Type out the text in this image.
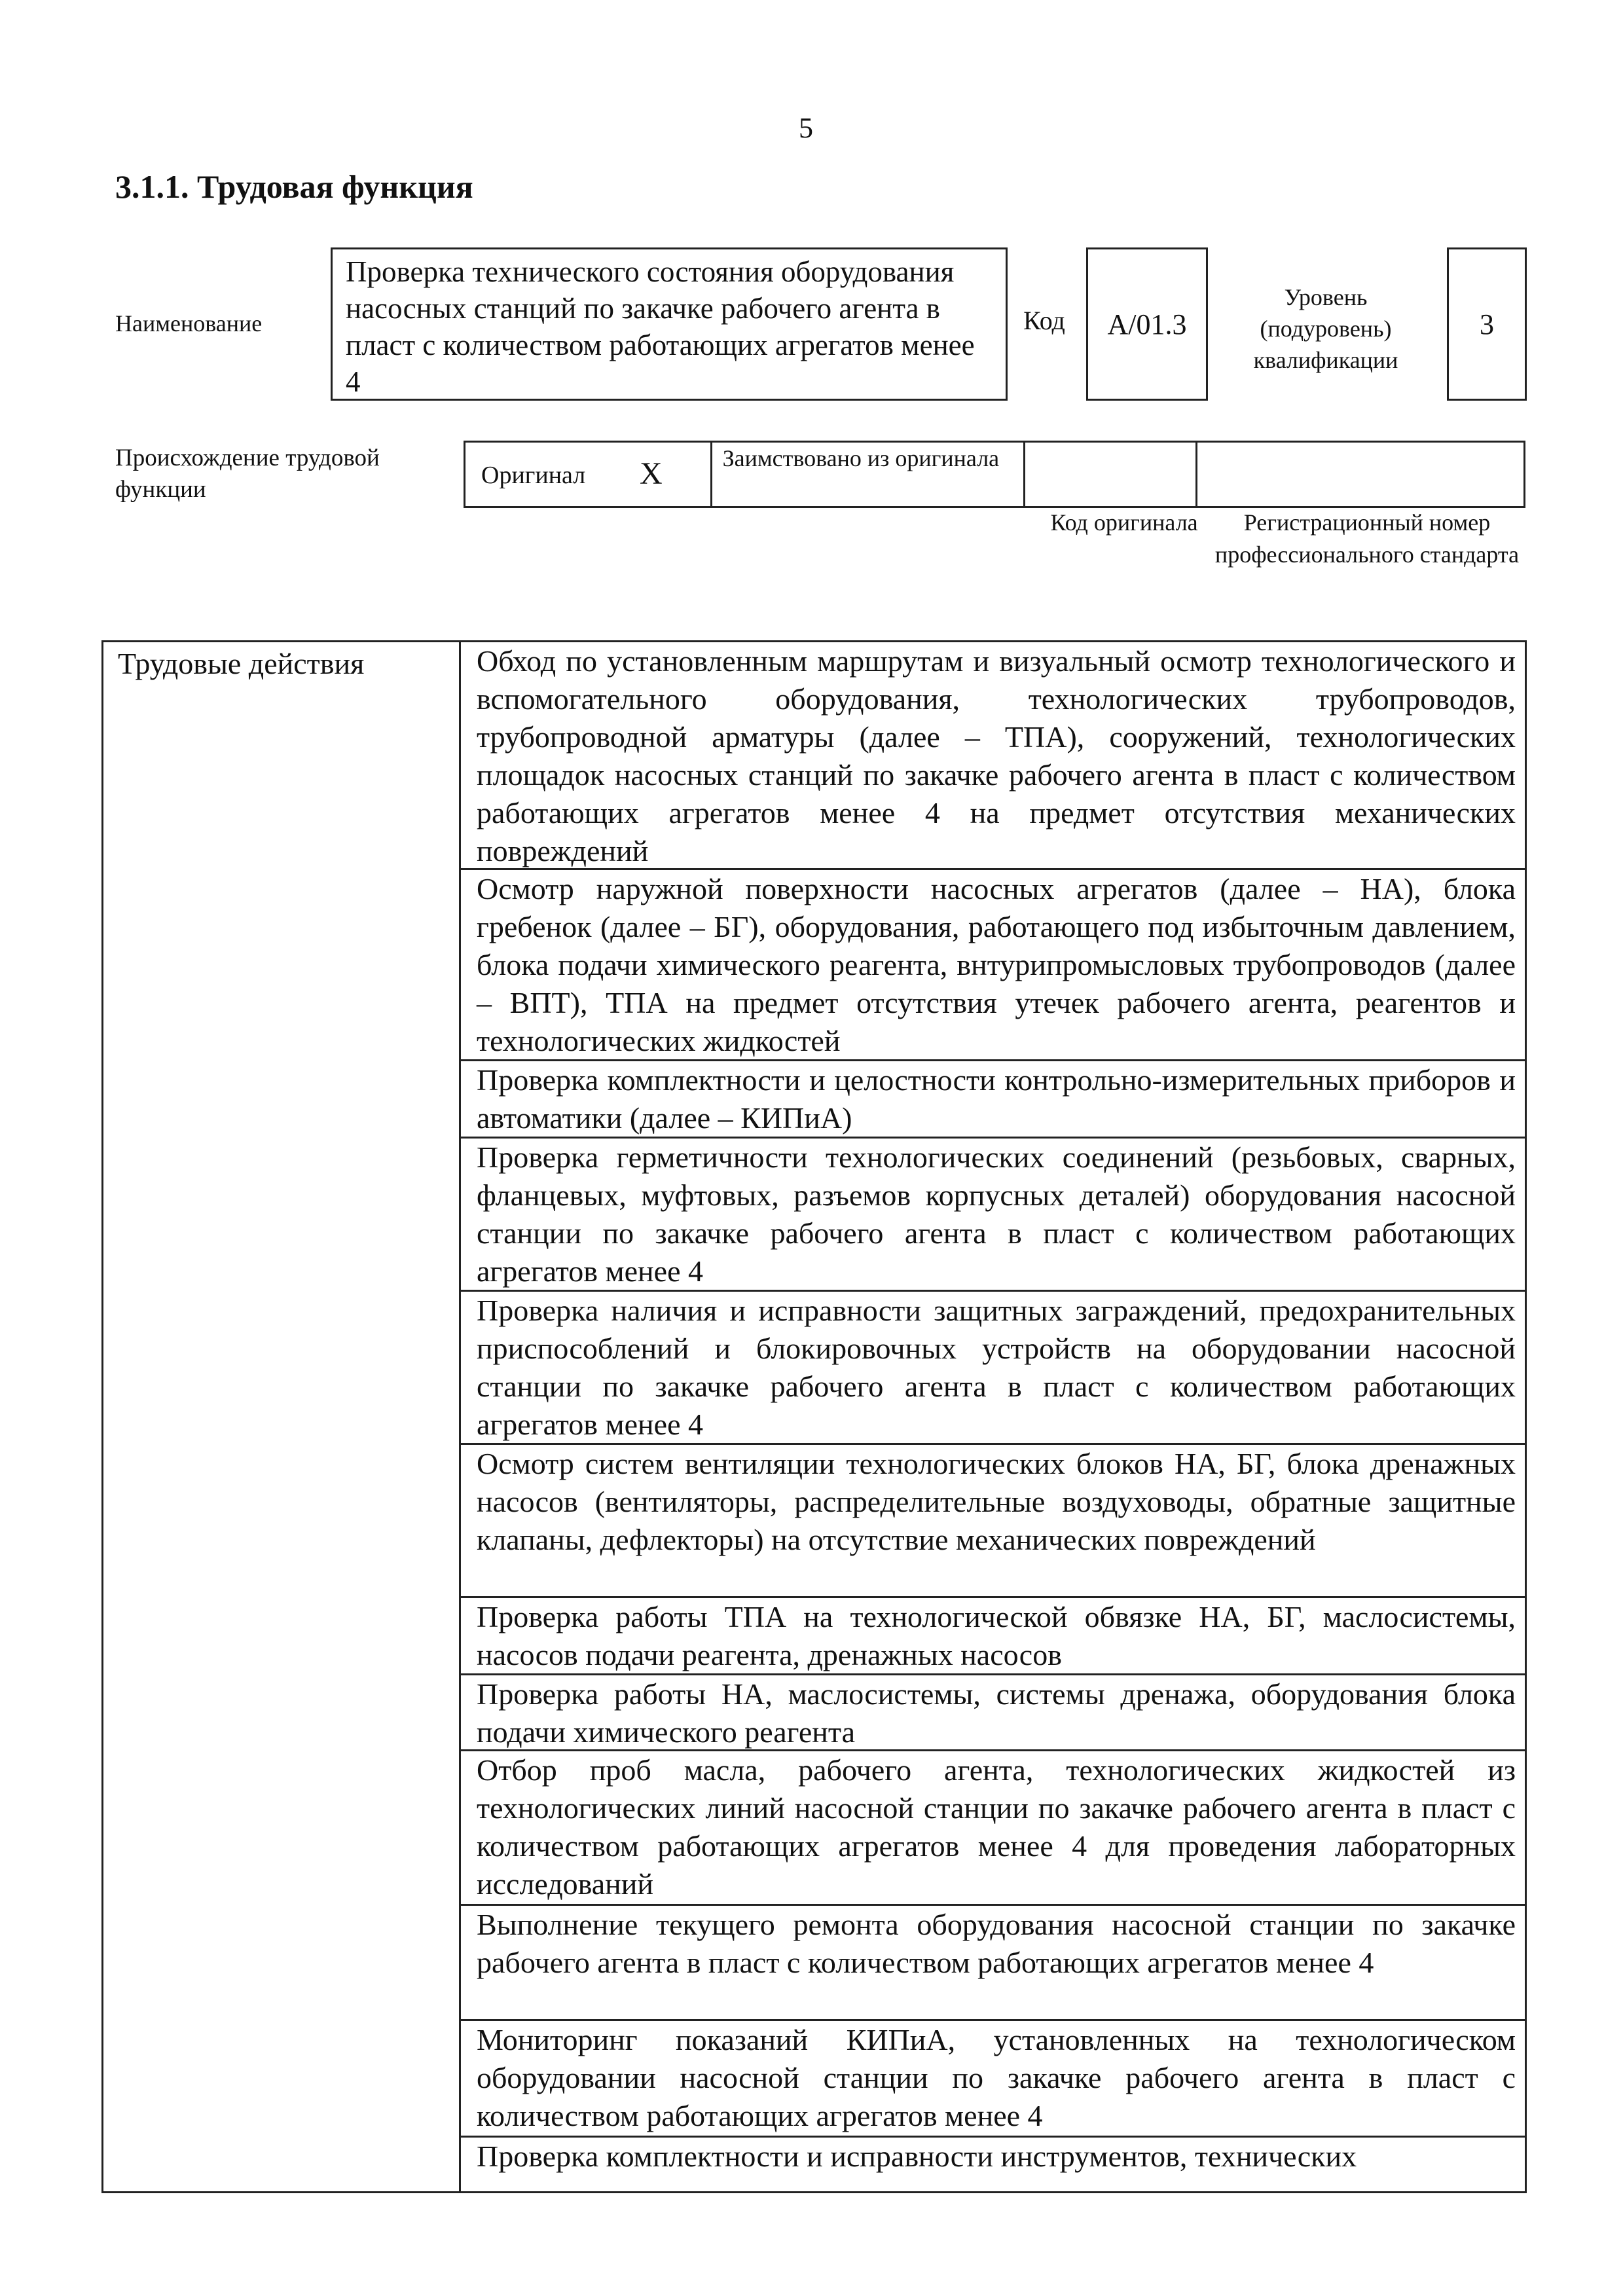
5
3.1.1. Трудовая функция
Наименование
Проверка технического состояния оборудования насосных станций по закачке рабочего агента в пласт с количеством работающих агрегатов менее 4
Код	A/01.3
Уровень (подуровень) квалификации
3
Происхождение трудовой функции
Оригинал X	Заимствовано из оригинала
Код оригинала	Регистрационный номер профессионального стандарта
Трудовые действия	Обход по установленным маршрутам и визуальный осмотр технологического и вспомогательного оборудования, технологических трубопроводов, трубопроводной арматуры (далее – ТПА), сооружений, технологических площадок насосных станций по закачке рабочего агента в пласт с количеством работающих агрегатов менее 4 на предмет отсутствия механических повреждений
Осмотр наружной поверхности насосных агрегатов (далее – НА), блока гребенок (далее – БГ), оборудования, работающего под избыточным давлением, блока подачи химического реагента, внтурипромысловых трубопроводов (далее – ВПТ), ТПА на предмет отсутствия утечек рабочего агента, реагентов и технологических жидкостей
Проверка комплектности и целостности контрольно-измерительных приборов и автоматики (далее – КИПиА)
Проверка герметичности технологических соединений (резьбовых, сварных, фланцевых, муфтовых, разъемов корпусных деталей) оборудования насосной станции по закачке рабочего агента в пласт с количеством работающих агрегатов менее 4
Проверка наличия и исправности защитных заграждений, предохранительных приспособлений и блокировочных устройств на оборудовании насосной станции по закачке рабочего агента в пласт с количеством работающих агрегатов менее 4
Осмотр систем вентиляции технологических блоков НА, БГ, блока дренажных насосов (вентиляторы, распределительные воздуховоды, обратные защитные клапаны, дефлекторы) на отсутствие механических повреждений
Проверка работы ТПА на технологической обвязке НА, БГ, маслосистемы, насосов подачи реагента, дренажных насосов
Проверка работы НА, маслосистемы, системы дренажа, оборудования блока подачи химического реагента
Отбор проб масла, рабочего агента, технологических жидкостей из технологических линий насосной станции по закачке рабочего агента в пласт с количеством работающих агрегатов менее 4 для проведения лабораторных исследований
Выполнение текущего ремонта оборудования насосной станции по закачке рабочего агента в пласт с количеством работающих агрегатов менее 4
Мониторинг показаний КИПиА, установленных на технологическом оборудовании насосной станции по закачке рабочего агента в пласт с количеством работающих агрегатов менее 4
Проверка комплектности и исправности инструментов, технических
